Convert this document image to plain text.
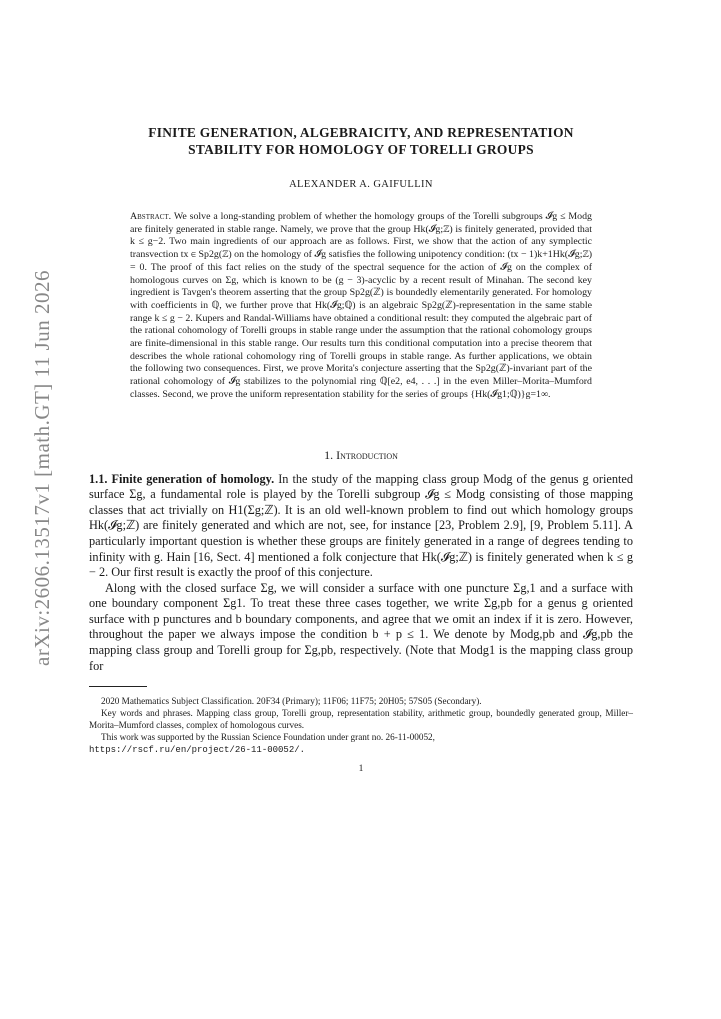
arXiv:2606.13517v1 [math.GT] 11 Jun 2026
FINITE GENERATION, ALGEBRAICITY, AND REPRESENTATION
STABILITY FOR HOMOLOGY OF TORELLI GROUPS
ALEXANDER A. GAIFULLIN
Abstract. We solve a long-standing problem of whether the homology groups of the Torelli subgroups 𝓘g ≤ Modg are finitely generated in stable range. Namely, we prove that the group Hk(𝓘g;ℤ) is finitely generated, provided that k ≤ g−2. Two main ingredients of our approach are as follows. First, we show that the action of any symplectic transvection tx ∈ Sp2g(ℤ) on the homology of 𝓘g satisfies the following unipotency condition: (tx − 1)k+1Hk(𝓘g;ℤ) = 0. The proof of this fact relies on the study of the spectral sequence for the action of 𝓘g on the complex of homologous curves on Σg, which is known to be (g − 3)-acyclic by a recent result of Minahan. The second key ingredient is Tavgen's theorem asserting that the group Sp2g(ℤ) is boundedly elementarily generated. For homology with coefficients in ℚ, we further prove that Hk(𝓘g;ℚ) is an algebraic Sp2g(ℤ)-representation in the same stable range k ≤ g − 2. Kupers and Randal-Williams have obtained a conditional result: they computed the algebraic part of the rational cohomology of Torelli groups in stable range under the assumption that the rational cohomology groups are finite-dimensional in this stable range. Our results turn this conditional computation into a precise theorem that describes the whole rational cohomology ring of Torelli groups in stable range. As further applications, we obtain the following two consequences. First, we prove Morita's conjecture asserting that the Sp2g(ℤ)-invariant part of the rational cohomology of 𝓘g stabilizes to the polynomial ring ℚ[e2, e4, . . .] in the even Miller–Morita–Mumford classes. Second, we prove the uniform representation stability for the series of groups {Hk(𝓘g1;ℚ)}g=1∞.
1. Introduction

1.1. Finite generation of homology. In the study of the mapping class group Modg of the genus g oriented surface Σg, a fundamental role is played by the Torelli subgroup 𝓘g ≤ Modg consisting of those mapping classes that act trivially on H1(Σg;ℤ). It is an old well-known problem to find out which homology groups Hk(𝓘g;ℤ) are finitely generated and which are not, see, for instance [23, Problem 2.9], [9, Problem 5.11]. A particularly important question is whether these groups are finitely generated in a range of degrees tending to infinity with g. Hain [16, Sect. 4] mentioned a folk conjecture that Hk(𝓘g;ℤ) is finitely generated when k ≤ g − 2. Our first result is exactly the proof of this conjecture.

Along with the closed surface Σg, we will consider a surface with one puncture Σg,1 and a surface with one boundary component Σg1. To treat these three cases together, we write Σg,pb for a genus g oriented surface with p punctures and b boundary components, and agree that we omit an index if it is zero. However, throughout the paper we always impose the condition b + p ≤ 1. We denote by Modg,pb and 𝓘g,pb the mapping class group and Torelli group for Σg,pb, respectively. (Note that Modg1 is the mapping class group for

2020 Mathematics Subject Classification. 20F34 (Primary); 11F06; 11F75; 20H05; 57S05 (Secondary).

Key words and phrases. Mapping class group, Torelli group, representation stability, arithmetic group, boundedly generated group, Miller–Morita–Mumford classes, complex of homologous curves.

This work was supported by the Russian Science Foundation under grant no. 26-11-00052,

https://rscf.ru/en/project/26-11-00052/.

1
